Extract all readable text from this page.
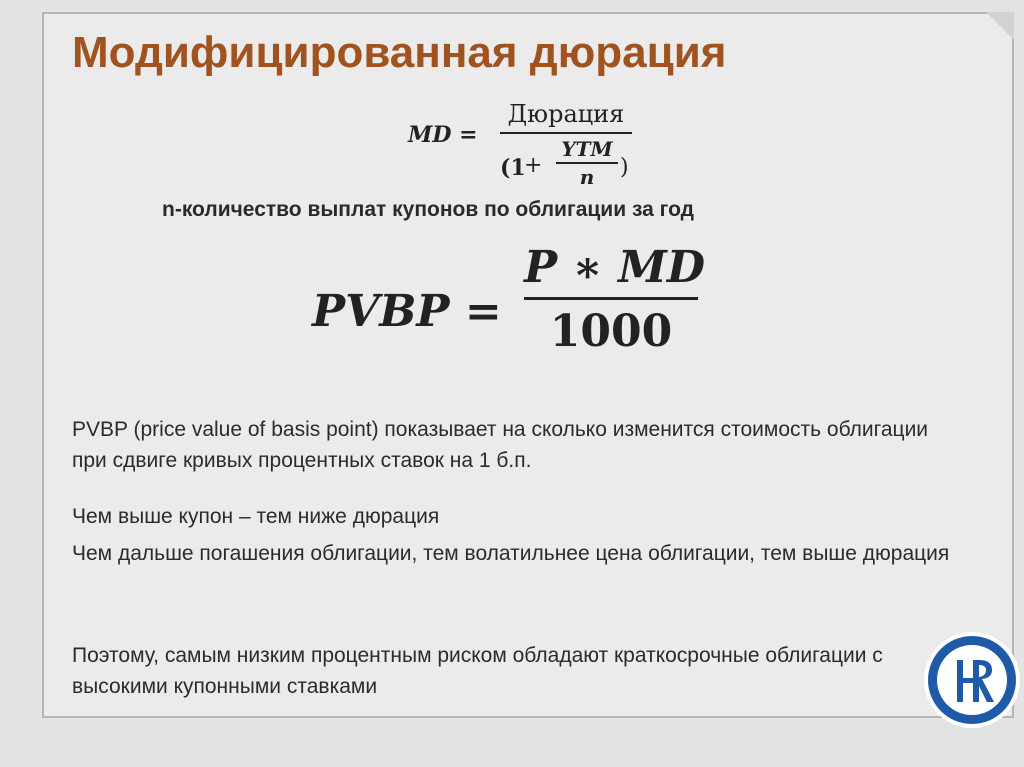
Модифицированная дюрация
MD =
Дюрация
(1
+
YTM
n	)
n-количество выплат купонов по облигации за год
PVBP =
P ∗ MD
1000
PVBP (price value of basis point) показывает на сколько изменится стоимость облигации при сдвиге кривых процентных ставок на 1 б.п.
Чем выше купон – тем ниже дюрация
Чем дальше погашения облигации, тем волатильнее цена облигации, тем выше дюрация
Поэтому, самым низким процентным риском обладают краткосрочные облигации с высокими купонными ставками
